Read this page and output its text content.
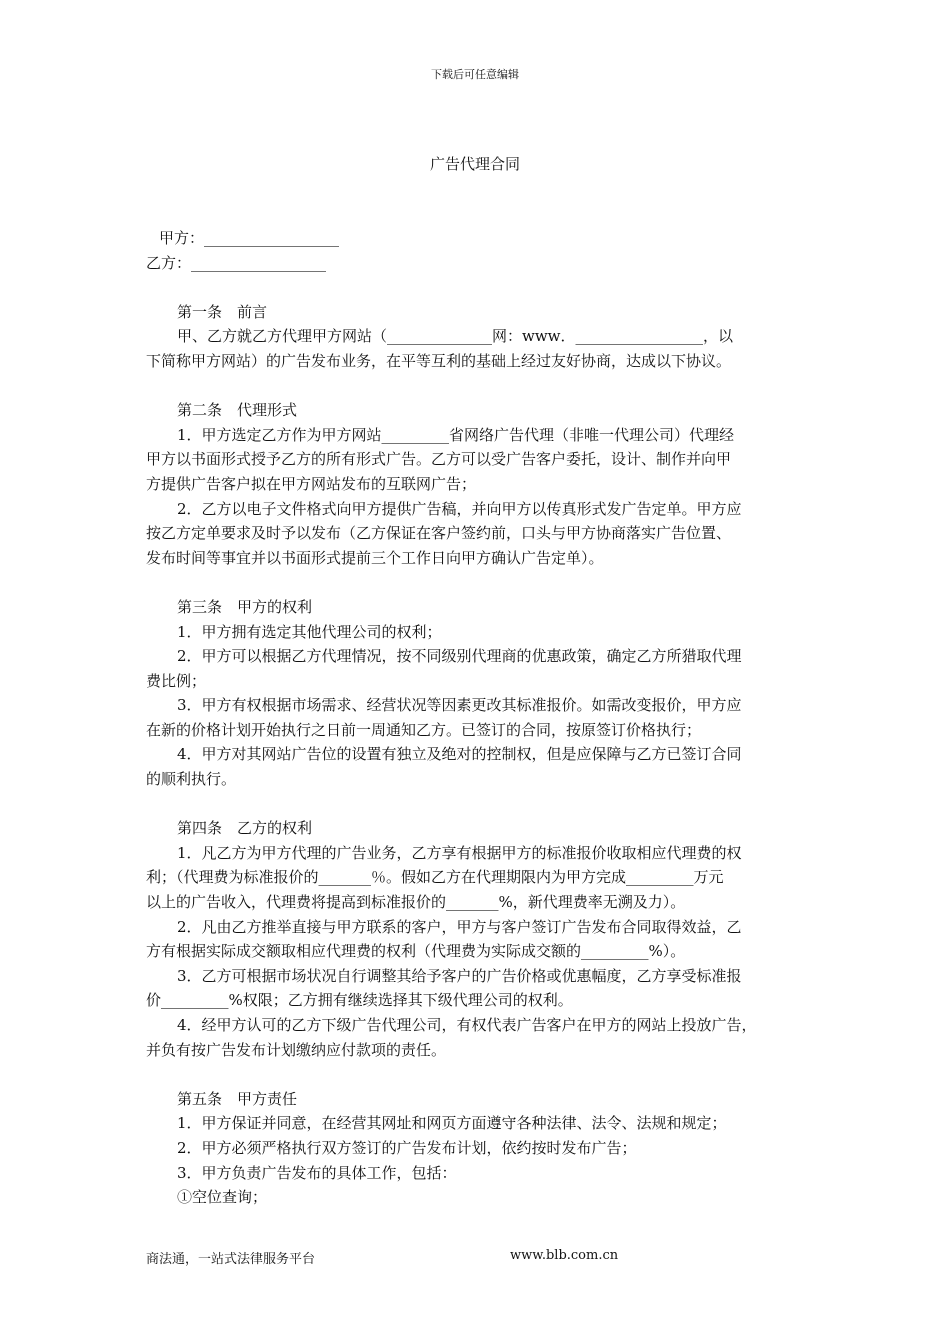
下载后可任意编辑
广告代理合同
甲方：__________________
乙方：__________________
第一条　前言
甲、乙方就乙方代理甲方网站（______________网：www．_________________，以
下简称甲方网站）的广告发布业务，在平等互利的基础上经过友好协商，达成以下协议。
第二条　代理形式
1．甲方选定乙方作为甲方网站_________省网络广告代理（非唯一代理公司）代理经
甲方以书面形式授予乙方的所有形式广告。乙方可以受广告客户委托，设计、制作并向甲
方提供广告客户拟在甲方网站发布的互联网广告；
2．乙方以电子文件格式向甲方提供广告稿，并向甲方以传真形式发广告定单。甲方应
按乙方定单要求及时予以发布（乙方保证在客户签约前，口头与甲方协商落实广告位置、
发布时间等事宜并以书面形式提前三个工作日向甲方确认广告定单）。
第三条　甲方的权利
1．甲方拥有选定其他代理公司的权利；
2．甲方可以根据乙方代理情况，按不同级别代理商的优惠政策，确定乙方所猎取代理
费比例；
3．甲方有权根据市场需求、经营状况等因素更改其标准报价。如需改变报价，甲方应
在新的价格计划开始执行之日前一周通知乙方。已签订的合同，按原签订价格执行；
4．甲方对其网站广告位的设置有独立及绝对的控制权，但是应保障与乙方已签订合同
的顺利执行。
第四条　乙方的权利
1．凡乙方为甲方代理的广告业务，乙方享有根据甲方的标准报价收取相应代理费的权
利；（代理费为标准报价的_______％。假如乙方在代理期限内为甲方完成_________万元
以上的广告收入，代理费将提高到标准报价的_______%，新代理费率无溯及力）。
2．凡由乙方推举直接与甲方联系的客户，甲方与客户签订广告发布合同取得效益，乙
方有根据实际成交额取相应代理费的权利（代理费为实际成交额的_________%）。
3．乙方可根据市场状况自行调整其给予客户的广告价格或优惠幅度，乙方享受标准报
价_________%权限；乙方拥有继续选择其下级代理公司的权利。
4．经甲方认可的乙方下级广告代理公司，有权代表广告客户在甲方的网站上投放广告，
并负有按广告发布计划缴纳应付款项的责任。
第五条　甲方责任
1．甲方保证并同意，在经营其网址和网页方面遵守各种法律、法令、法规和规定；
2．甲方必须严格执行双方签订的广告发布计划，依约按时发布广告；
3．甲方负责广告发布的具体工作，包括：
①空位查询；
商法通，一站式法律服务平台	www.blb.com.cn
